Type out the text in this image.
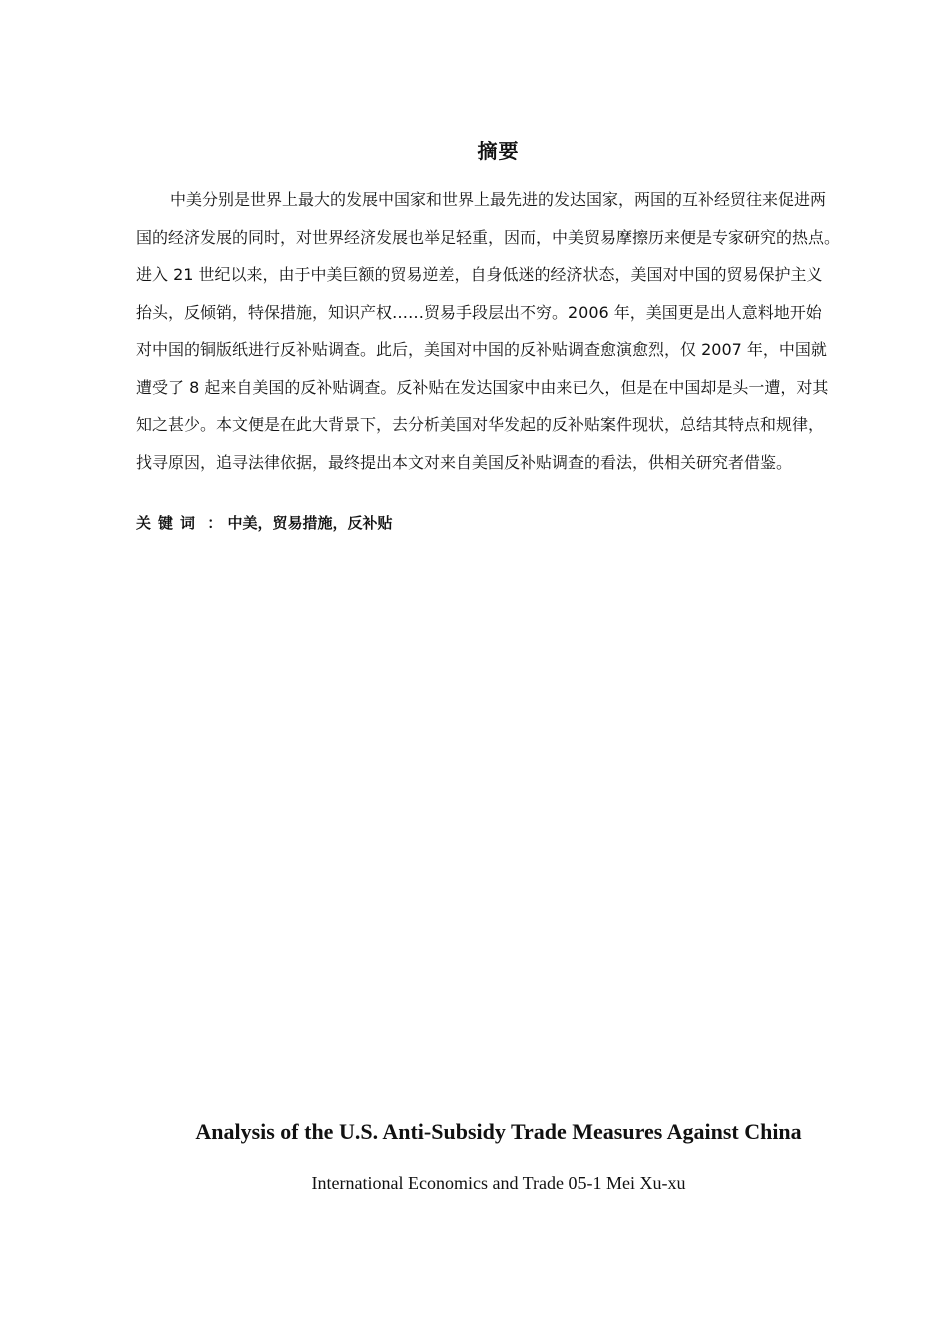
摘要
中美分别是世界上最大的发展中国家和世界上最先进的发达国家，两国的互补经贸往来促进两
国的经济发展的同时，对世界经济发展也举足轻重，因而，中美贸易摩擦历来便是专家研究的热点。
进入 21 世纪以来，由于中美巨额的贸易逆差，自身低迷的经济状态，美国对中国的贸易保护主义
抬头，反倾销，特保措施，知识产权……贸易手段层出不穷。2006 年，美国更是出人意料地开始
对中国的铜版纸进行反补贴调查。此后，美国对中国的反补贴调查愈演愈烈，仅 2007 年，中国就
遭受了 8 起来自美国的反补贴调查。反补贴在发达国家中由来已久，但是在中国却是头一遭，对其
知之甚少。本文便是在此大背景下，去分析美国对华发起的反补贴案件现状，总结其特点和规律，
找寻原因，追寻法律依据，最终提出本文对来自美国反补贴调查的看法，供相关研究者借鉴。
关键词 ： 中美，贸易措施，反补贴
Analysis of the U.S. Anti-Subsidy Trade Measures Against China
International Economics and Trade 05-1 Mei Xu-xu
